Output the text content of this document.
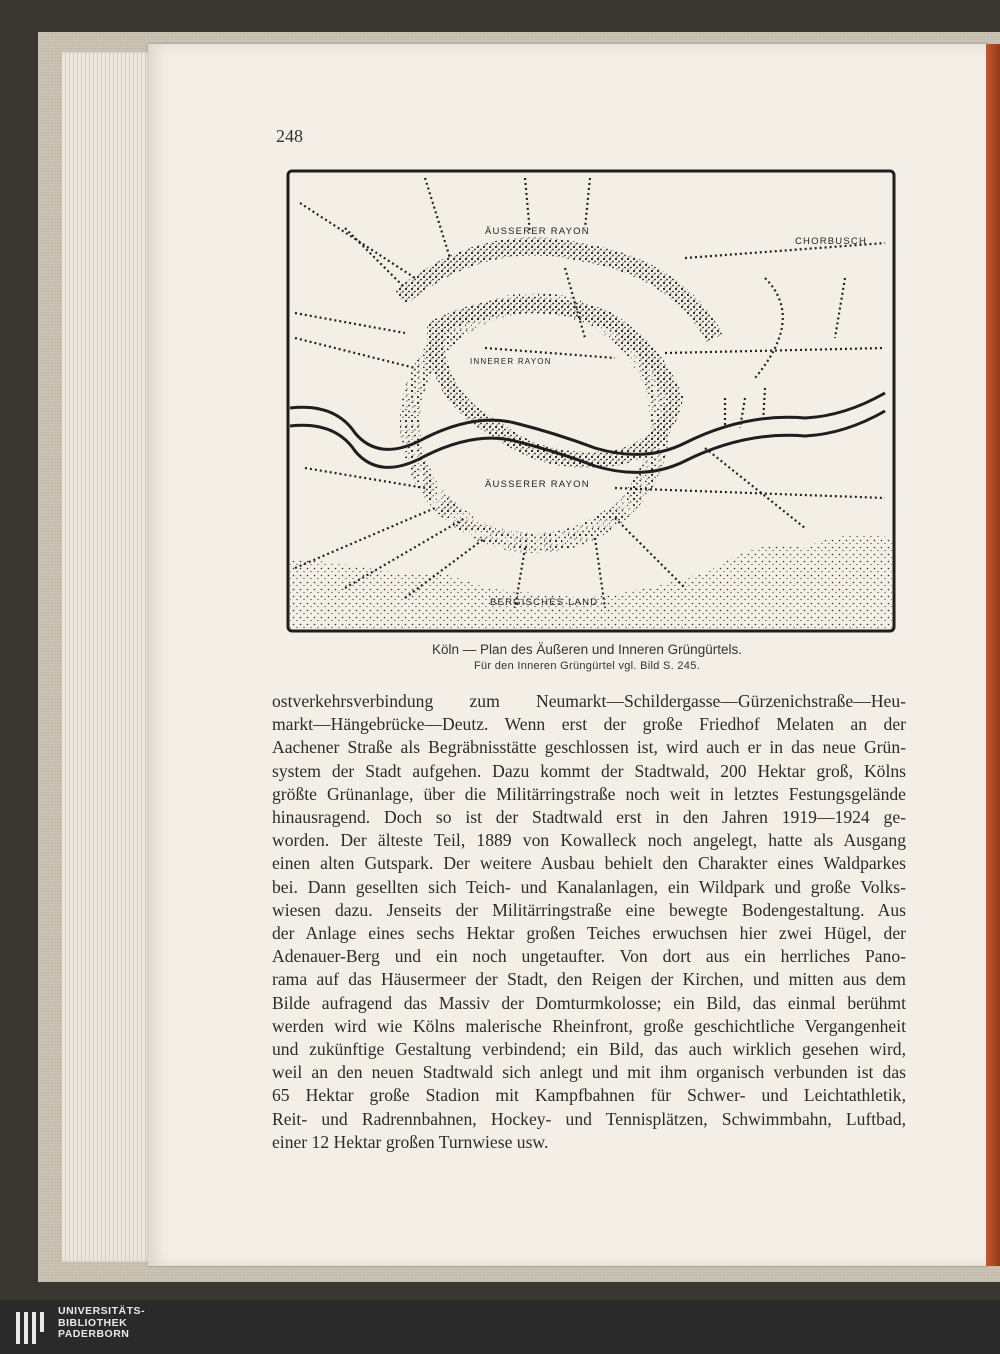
248
ÄUSSERER RAYON
CHORBUSCH
INNERER RAYON
ÄUSSERER RAYON
BERGISCHES LAND
Köln — Plan des Äußeren und Inneren Grüngürtels.
Für den Inneren Grüngürtel vgl. Bild S. 245.
ostverkehrsverbindung zum Neumarkt—Schildergasse—Gürzenichstraße—Heu-
markt—Hängebrücke—Deutz. Wenn erst der große Friedhof Melaten an der
Aachener Straße als Begräbnisstätte geschlossen ist, wird auch er in das neue Grün-
system der Stadt aufgehen. Dazu kommt der Stadtwald, 200 Hektar groß, Kölns
größte Grünanlage, über die Militärringstraße noch weit in letztes Festungsgelände
hinausragend. Doch so ist der Stadtwald erst in den Jahren 1919—1924 ge-
worden. Der älteste Teil, 1889 von Kowalleck noch angelegt, hatte als Ausgang
einen alten Gutspark. Der weitere Ausbau behielt den Charakter eines Waldparkes
bei. Dann gesellten sich Teich- und Kanalanlagen, ein Wildpark und große Volks-
wiesen dazu. Jenseits der Militärringstraße eine bewegte Bodengestaltung. Aus
der Anlage eines sechs Hektar großen Teiches erwuchsen hier zwei Hügel, der
Adenauer-Berg und ein noch ungetaufter. Von dort aus ein herrliches Pano-
rama auf das Häusermeer der Stadt, den Reigen der Kirchen, und mitten aus dem
Bilde aufragend das Massiv der Domturmkolosse; ein Bild, das einmal berühmt
werden wird wie Kölns malerische Rheinfront, große geschichtliche Vergangenheit
und zukünftige Gestaltung verbindend; ein Bild, das auch wirklich gesehen wird,
weil an den neuen Stadtwald sich anlegt und mit ihm organisch verbunden ist das
65 Hektar große Stadion mit Kampfbahnen für Schwer- und Leichtathletik,
Reit- und Radrennbahnen, Hockey- und Tennisplätzen, Schwimmbahn, Luftbad,
einer 12 Hektar großen Turnwiese usw.
UNIVERSITÄTS-
BIBLIOTHEK
PADERBORN
